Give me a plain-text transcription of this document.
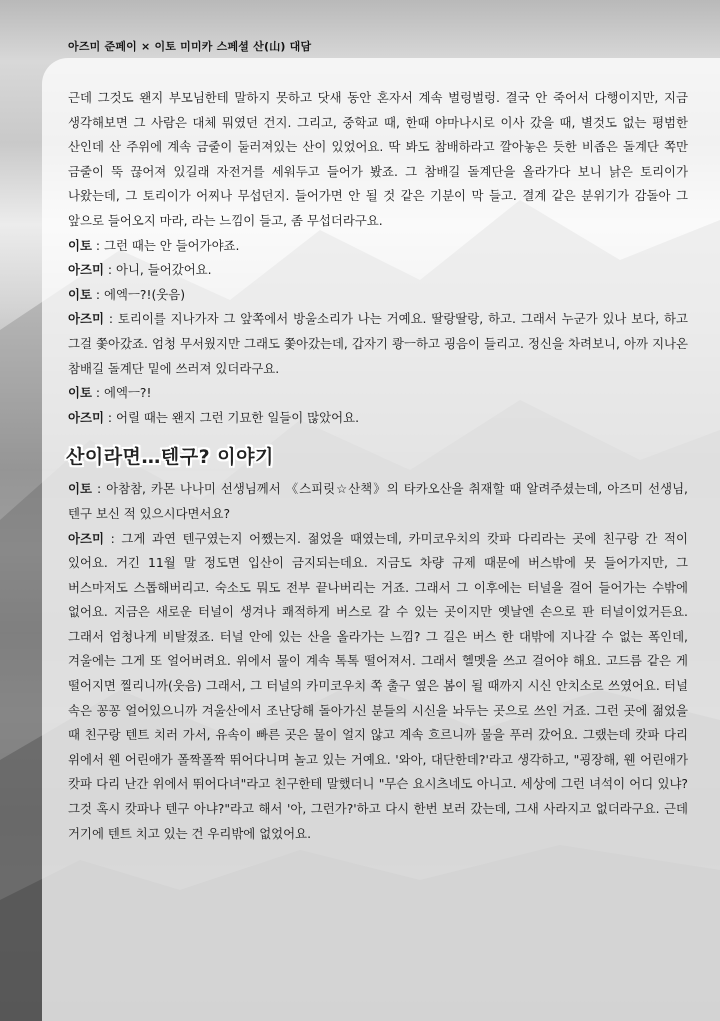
아즈미 준페이 × 이토 미미카 스페셜 산(山) 대담

근데 그것도 왠지 부모님한테 말하지 못하고 닷새 동안 혼자서 계속 벌렁벌렁. 결국 안 죽어서 다행이지만, 지금 생각해보면 그 사람은 대체 뭐였던 건지. 그리고, 중학교 때, 한때 야마나시로 이사 갔을 때, 별것도 없는 평범한 산인데 산 주위에 계속 금줄이 둘러져있는 산이 있었어요. 딱 봐도 참배하라고 깔아놓은 듯한 비좁은 돌계단 쪽만 금줄이 뚝 끊어져 있길래 자전거를 세워두고 들어가 봤죠. 그 참배길 돌계단을 올라가다 보니 낡은 토리이가 나왔는데, 그 토리이가 어찌나 무섭던지. 들어가면 안 될 것 같은 기분이 막 들고. 결계 같은 분위기가 감돌아 그 앞으로 들어오지 마라, 라는 느낌이 들고, 좀 무섭더라구요.

이토 : 그런 때는 안 들어가야죠.

아즈미 : 아니, 들어갔어요.

이토 : 에엑ㅡ?!(웃음)

아즈미 : 토리이를 지나가자 그 앞쪽에서 방울소리가 나는 거예요. 딸랑딸랑, 하고. 그래서 누군가 있나 보다, 하고 그걸 쫓아갔죠. 엄청 무서웠지만 그래도 쫓아갔는데, 갑자기 쾅ㅡ하고 굉음이 들리고. 정신을 차려보니, 아까 지나온 참배길 돌계단 밑에 쓰러져 있더라구요.

이토 : 에엑ㅡ?!

아즈미 : 어릴 때는 왠지 그런 기묘한 일들이 많았어요.

산이라면…텐구? 이야기

이토 : 아참참, 카몬 나나미 선생님께서 《스피릿☆산책》의 타카오산을 취재할 때 알려주셨는데, 아즈미 선생님, 텐구 보신 적 있으시다면서요?

아즈미 : 그게 과연 텐구였는지 어쨌는지. 젊었을 때였는데, 카미코우치의 캇파 다리라는 곳에 친구랑 간 적이 있어요. 거긴 11월 말 정도면 입산이 금지되는데요. 지금도 차량 규제 때문에 버스밖에 못 들어가지만, 그 버스마저도 스톱해버리고. 숙소도 뭐도 전부 끝나버리는 거죠. 그래서 그 이후에는 터널을 걸어 들어가는 수밖에 없어요. 지금은 새로운 터널이 생겨나 쾌적하게 버스로 갈 수 있는 곳이지만 옛날엔 손으로 판 터널이었거든요. 그래서 엄청나게 비탈졌죠. 터널 안에 있는 산을 올라가는 느낌? 그 길은 버스 한 대밖에 지나갈 수 없는 폭인데, 겨울에는 그게 또 얼어버려요. 위에서 물이 계속 톡톡 떨어져서. 그래서 헬멧을 쓰고 걸어야 해요. 고드름 같은 게 떨어지면 찔리니까(웃음) 그래서, 그 터널의 카미코우치 쪽 출구 옆은 봄이 될 때까지 시신 안치소로 쓰였어요. 터널 속은 꽁꽁 얼어있으니까 겨울산에서 조난당해 돌아가신 분들의 시신을 놔두는 곳으로 쓰인 거죠. 그런 곳에 젊었을 때 친구랑 텐트 치러 가서, 유속이 빠른 곳은 물이 얼지 않고 계속 흐르니까 물을 푸러 갔어요. 그랬는데 캇파 다리 위에서 웬 어린애가 폴짝폴짝 뛰어다니며 놀고 있는 거예요. '와아, 대단한데?'라고 생각하고, "굉장해, 웬 어린애가 캇파 다리 난간 위에서 뛰어다녀"라고 친구한테 말했더니 "무슨 요시츠네도 아니고. 세상에 그런 녀석이 어디 있냐? 그것 혹시 캇파나 텐구 아냐?"라고 해서 '아, 그런가?'하고 다시 한번 보러 갔는데, 그새 사라지고 없더라구요. 근데 거기에 텐트 치고 있는 건 우리밖에 없었어요.
